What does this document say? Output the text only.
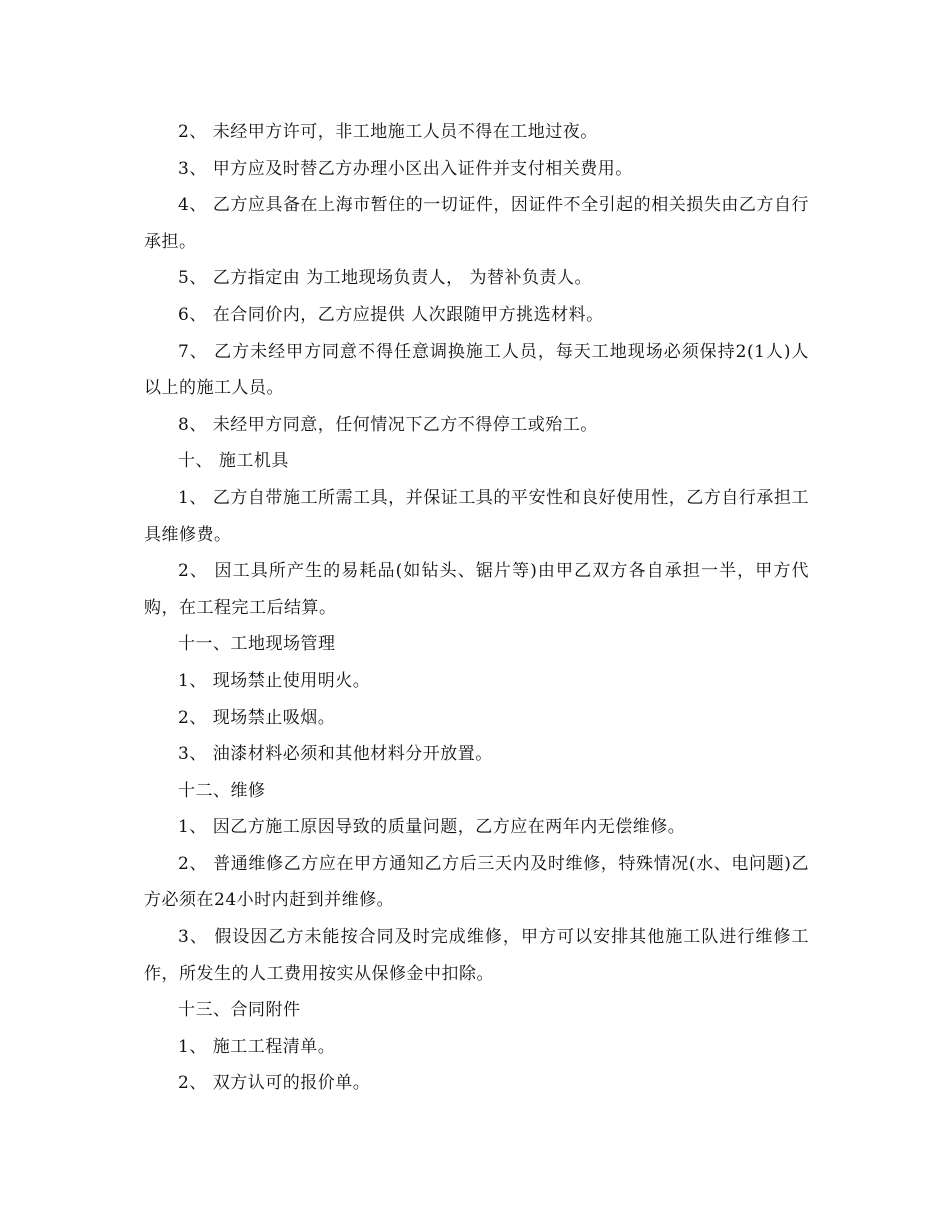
2、 未经甲方许可，非工地施工人员不得在工地过夜。

3、 甲方应及时替乙方办理小区出入证件并支付相关费用。

4、 乙方应具备在上海市暂住的一切证件，因证件不全引起的相关损失由乙方自行承担。

5、 乙方指定由 为工地现场负责人， 为替补负责人。

6、 在合同价内，乙方应提供 人次跟随甲方挑选材料。

7、 乙方未经甲方同意不得任意调换施工人员，每天工地现场必须保持2(1人)人以上的施工人员。

8、 未经甲方同意，任何情况下乙方不得停工或殆工。

十、 施工机具

1、 乙方自带施工所需工具，并保证工具的平安性和良好使用性，乙方自行承担工具维修费。

2、 因工具所产生的易耗品(如钻头、锯片等)由甲乙双方各自承担一半，甲方代购，在工程完工后结算。

十一、工地现场管理

1、 现场禁止使用明火。

2、 现场禁止吸烟。

3、 油漆材料必须和其他材料分开放置。

十二、维修

1、 因乙方施工原因导致的质量问题，乙方应在两年内无偿维修。

2、 普通维修乙方应在甲方通知乙方后三天内及时维修，特殊情况(水、电问题)乙方必须在24小时内赶到并维修。

3、 假设因乙方未能按合同及时完成维修，甲方可以安排其他施工队进行维修工作，所发生的人工费用按实从保修金中扣除。

十三、合同附件

1、 施工工程清单。

2、 双方认可的报价单。
